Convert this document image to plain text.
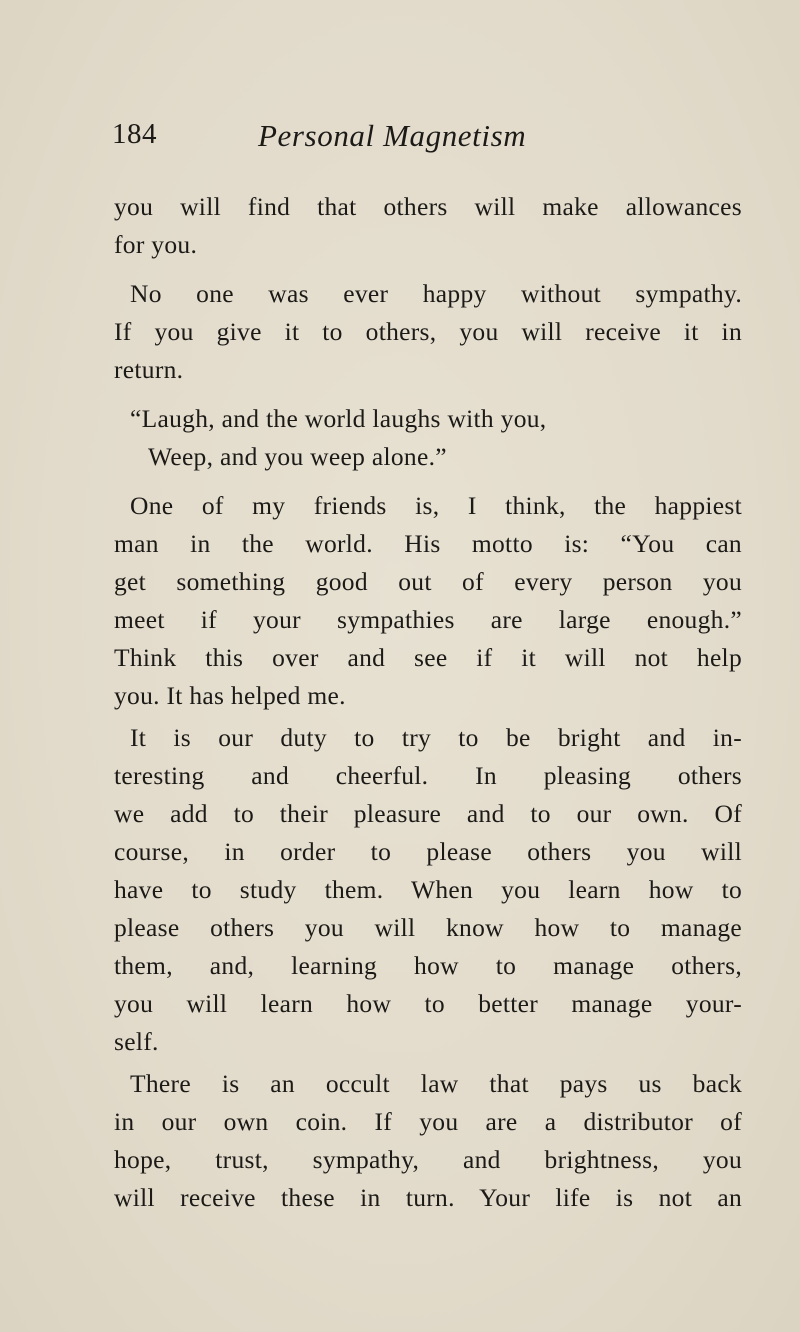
184	Personal Magnetism
you will find that others will make allowances
for you.
No one was ever happy without sympathy.
If you give it to others, you will receive it in
return.
“Laugh, and the world laughs with you,
Weep, and you weep alone.”
One of my friends is, I think, the happiest
man in the world. His motto is: “You can
get something good out of every person you
meet if your sympathies are large enough.”
Think this over and see if it will not help
you. It has helped me.
It is our duty to try to be bright and in-
teresting and cheerful. In pleasing others
we add to their pleasure and to our own. Of
course, in order to please others you will
have to study them. When you learn how to
please others you will know how to manage
them, and, learning how to manage others,
you will learn how to better manage your-
self.
There is an occult law that pays us back
in our own coin. If you are a distributor of
hope, trust, sympathy, and brightness, you
will receive these in turn. Your life is not an
